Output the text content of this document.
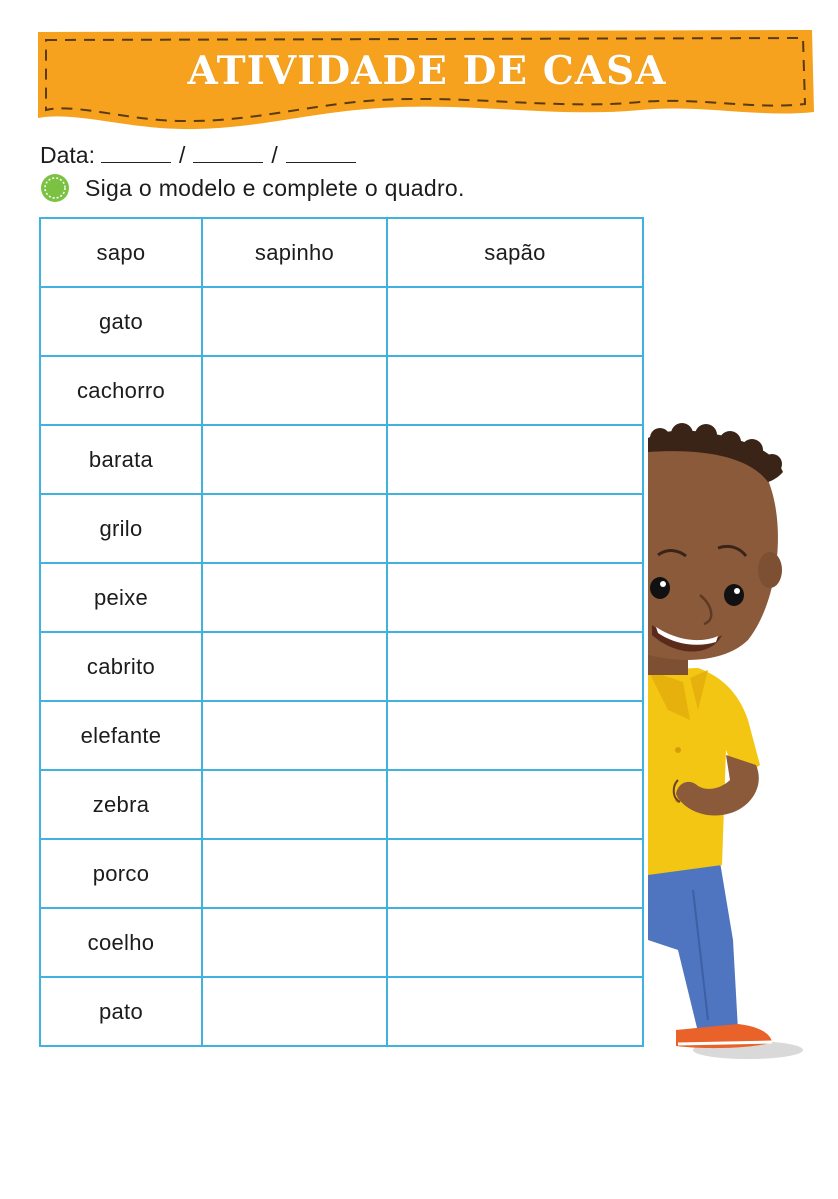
ATIVIDADE DE CASA
Data:	/	/
Siga o modelo e complete o quadro.
sapo	sapinho	sapão
gato		
cachorro		
barata		
grilo		
peixe		
cabrito		
elefante		
zebra		
porco		
coelho		
pato		
